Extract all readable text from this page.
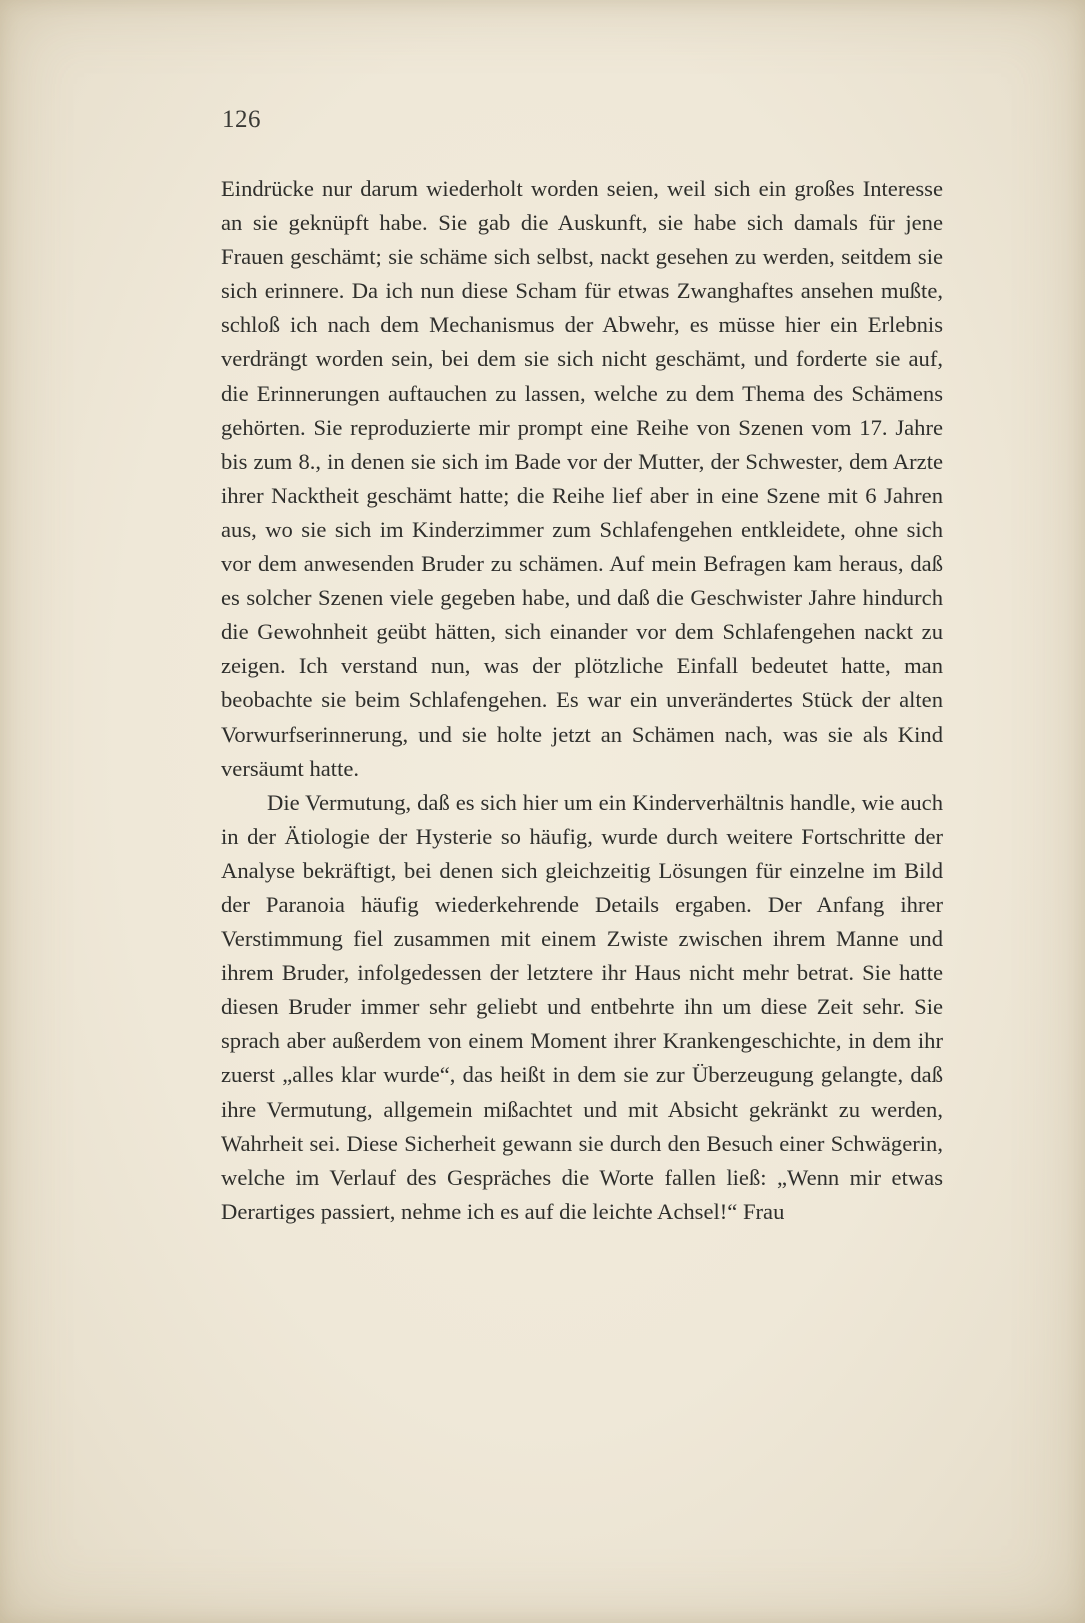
126

Eindrücke nur darum wiederholt worden seien, weil sich ein großes Interesse an sie geknüpft habe. Sie gab die Auskunft, sie habe sich damals für jene Frauen geschämt; sie schäme sich selbst, nackt gesehen zu werden, seitdem sie sich erinnere. Da ich nun diese Scham für etwas Zwanghaftes ansehen mußte, schloß ich nach dem Mechanismus der Abwehr, es müsse hier ein Erlebnis verdrängt worden sein, bei dem sie sich nicht geschämt, und forderte sie auf, die Erinnerungen auftauchen zu lassen, welche zu dem Thema des Schämens gehörten. Sie reproduzierte mir prompt eine Reihe von Szenen vom 17. Jahre bis zum 8., in denen sie sich im Bade vor der Mutter, der Schwester, dem Arzte ihrer Nacktheit geschämt hatte; die Reihe lief aber in eine Szene mit 6 Jahren aus, wo sie sich im Kinderzimmer zum Schlafengehen entkleidete, ohne sich vor dem anwesenden Bruder zu schämen. Auf mein Befragen kam heraus, daß es solcher Szenen viele gegeben habe, und daß die Geschwister Jahre hindurch die Gewohnheit geübt hätten, sich einander vor dem Schlafengehen nackt zu zeigen. Ich verstand nun, was der plötzliche Einfall bedeutet hatte, man beobachte sie beim Schlafengehen. Es war ein unverändertes Stück der alten Vorwurfserinnerung, und sie holte jetzt an Schämen nach, was sie als Kind versäumt hatte.

Die Vermutung, daß es sich hier um ein Kinderverhältnis handle, wie auch in der Ätiologie der Hysterie so häufig, wurde durch weitere Fortschritte der Analyse bekräftigt, bei denen sich gleichzeitig Lösungen für einzelne im Bild der Paranoia häufig wiederkehrende Details ergaben. Der Anfang ihrer Verstimmung fiel zusammen mit einem Zwiste zwischen ihrem Manne und ihrem Bruder, infolgedessen der letztere ihr Haus nicht mehr betrat. Sie hatte diesen Bruder immer sehr geliebt und entbehrte ihn um diese Zeit sehr. Sie sprach aber außerdem von einem Moment ihrer Krankengeschichte, in dem ihr zuerst „alles klar wurde“, das heißt in dem sie zur Überzeugung gelangte, daß ihre Vermutung, allgemein mißachtet und mit Absicht gekränkt zu werden, Wahrheit sei. Diese Sicherheit gewann sie durch den Besuch einer Schwägerin, welche im Verlauf des Gespräches die Worte fallen ließ: „Wenn mir etwas Derartiges passiert, nehme ich es auf die leichte Achsel!“ Frau
